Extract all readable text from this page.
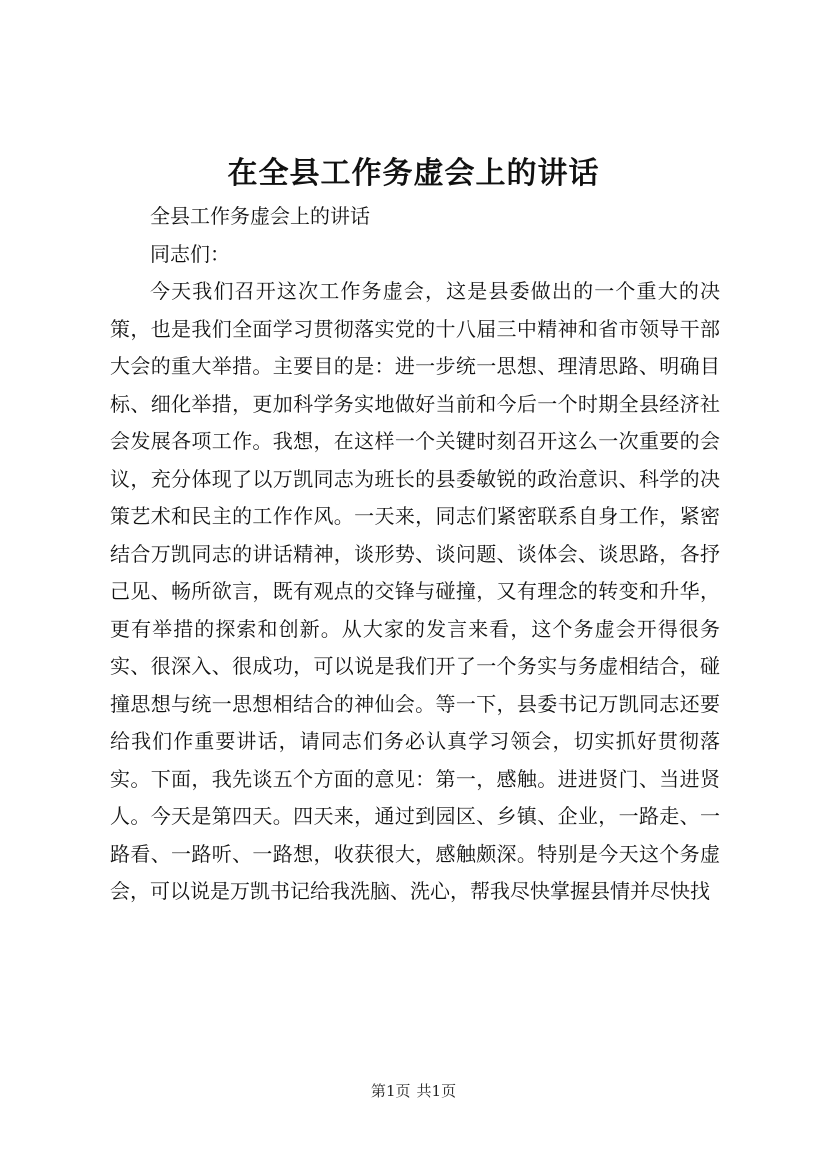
在全县工作务虚会上的讲话

全县工作务虚会上的讲话

同志们：

今天我们召开这次工作务虚会，这是县委做出的一个重大的决策，也是我们全面学习贯彻落实党的十八届三中精神和省市领导干部大会的重大举措。主要目的是：进一步统一思想、理清思路、明确目标、细化举措，更加科学务实地做好当前和今后一个时期全县经济社会发展各项工作。我想，在这样一个关键时刻召开这么一次重要的会议，充分体现了以万凯同志为班长的县委敏锐的政治意识、科学的决策艺术和民主的工作作风。一天来，同志们紧密联系自身工作，紧密结合万凯同志的讲话精神，谈形势、谈问题、谈体会、谈思路，各抒己见、畅所欲言，既有观点的交锋与碰撞，又有理念的转变和升华，更有举措的探索和创新。从大家的发言来看，这个务虚会开得很务实、很深入、很成功，可以说是我们开了一个务实与务虚相结合，碰撞思想与统一思想相结合的神仙会。等一下，县委书记万凯同志还要给我们作重要讲话，请同志们务必认真学习领会，切实抓好贯彻落实。下面，我先谈五个方面的意见：第一，感触。进进贤门、当进贤人。今天是第四天。四天来，通过到园区、乡镇、企业，一路走、一路看、一路听、一路想，收获很大，感触颇深。特别是今天这个务虚会，可以说是万凯书记给我洗脑、洗心，帮我尽快掌握县情并尽快找

第1页 共1页
